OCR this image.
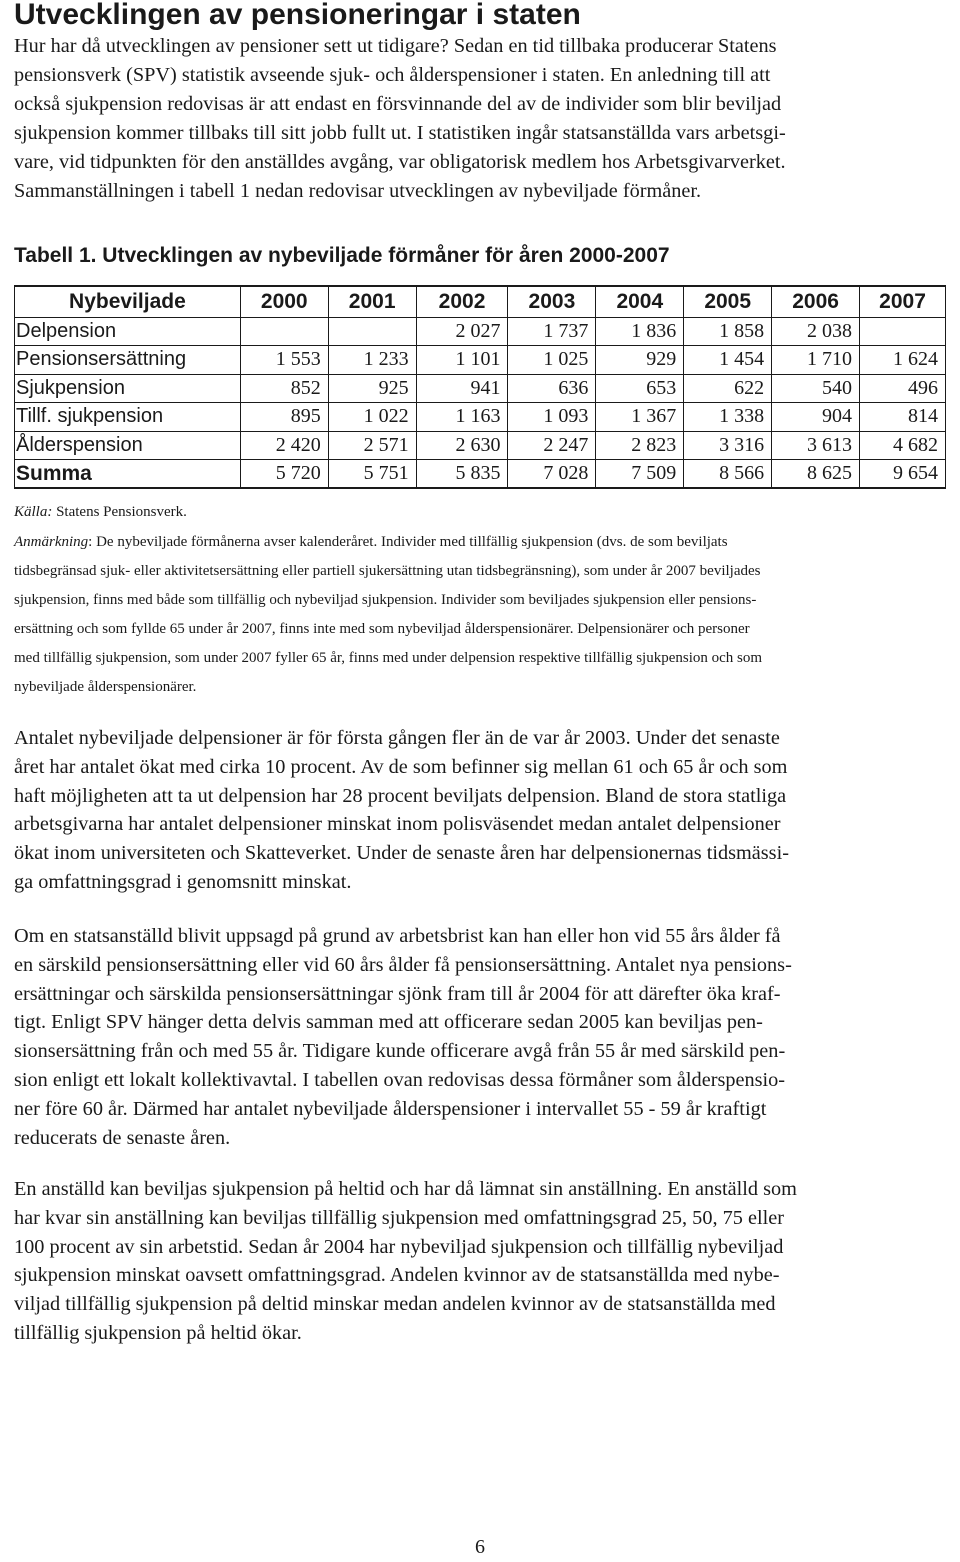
Utvecklingen av pensioneringar i staten

Hur har då utvecklingen av pensioner sett ut tidigare? Sedan en tid tillbaka producerar Statens
pensionsverk (SPV) statistik avseende sjuk- och ålderspensioner i staten. En anledning till att
också sjukpension redovisas är att endast en försvinnande del av de individer som blir beviljad
sjukpension kommer tillbaks till sitt jobb fullt ut. I statistiken ingår statsanställda vars arbetsgi-
vare, vid tidpunkten för den anställdes avgång, var obligatorisk medlem hos Arbetsgivarverket.
Sammanställningen i tabell 1 nedan redovisar utvecklingen av nybeviljade förmåner.

Tabell 1. Utvecklingen av nybeviljade förmåner för åren 2000-2007
Nybeviljade	2000	2001	2002	2003	2004	2005	2006	2007
Delpension			2 027	1 737	1 836	1 858	2 038	
Pensionsersättning	1 553	1 233	1 101	1 025	929	1 454	1 710	1 624
Sjukpension	852	925	941	636	653	622	540	496
Tillf. sjukpension	895	1 022	1 163	1 093	1 367	1 338	904	814
Ålderspension	2 420	2 571	2 630	2 247	2 823	3 316	3 613	4 682
Summa	5 720	5 751	5 835	7 028	7 509	8 566	8 625	9 654
Källa: Statens Pensionsverk.
Anmärkning: De nybeviljade förmånerna avser kalenderåret. Individer med tillfällig sjukpension (dvs. de som beviljats
tidsbegränsad sjuk- eller aktivitetsersättning eller partiell sjukersättning utan tidsbegränsning), som under år 2007 beviljades
sjukpension, finns med både som tillfällig och nybeviljad sjukpension. Individer som beviljades sjukpension eller pensions-
ersättning och som fyllde 65 under år 2007, finns inte med som nybeviljad ålderspensionärer. Delpensionärer och personer
med tillfällig sjukpension, som under 2007 fyller 65 år, finns med under delpension respektive tillfällig sjukpension och som
nybeviljade ålderspensionärer.
Antalet nybeviljade delpensioner är för första gången fler än de var år 2003. Under det senaste
året har antalet ökat med cirka 10 procent. Av de som befinner sig mellan 61 och 65 år och som
haft möjligheten att ta ut delpension har 28 procent beviljats delpension. Bland de stora statliga
arbetsgivarna har antalet delpensioner minskat inom polisväsendet medan antalet delpensioner
ökat inom universiteten och Skatteverket. Under de senaste åren har delpensionernas tidsmässi-
ga omfattningsgrad i genomsnitt minskat.
Om en statsanställd blivit uppsagd på grund av arbetsbrist kan han eller hon vid 55 års ålder få
en särskild pensionsersättning eller vid 60 års ålder få pensionsersättning. Antalet nya pensions-
ersättningar och särskilda pensionsersättningar sjönk fram till år 2004 för att därefter öka kraf-
tigt. Enligt SPV hänger detta delvis samman med att officerare sedan 2005 kan beviljas pen-
sionsersättning från och med 55 år. Tidigare kunde officerare avgå från 55 år med särskild pen-
sion enligt ett lokalt kollektivavtal. I tabellen ovan redovisas dessa förmåner som ålderspensio-
ner före 60 år. Därmed har antalet nybeviljade ålderspensioner i intervallet 55 - 59 år kraftigt
reducerats de senaste åren.
En anställd kan beviljas sjukpension på heltid och har då lämnat sin anställning. En anställd som
har kvar sin anställning kan beviljas tillfällig sjukpension med omfattningsgrad 25, 50, 75 eller
100 procent av sin arbetstid. Sedan år 2004 har nybeviljad sjukpension och tillfällig nybeviljad
sjukpension minskat oavsett omfattningsgrad. Andelen kvinnor av de statsanställda med nybe-
viljad tillfällig sjukpension på deltid minskar medan andelen kvinnor av de statsanställda med
tillfällig sjukpension på heltid ökar.
6
